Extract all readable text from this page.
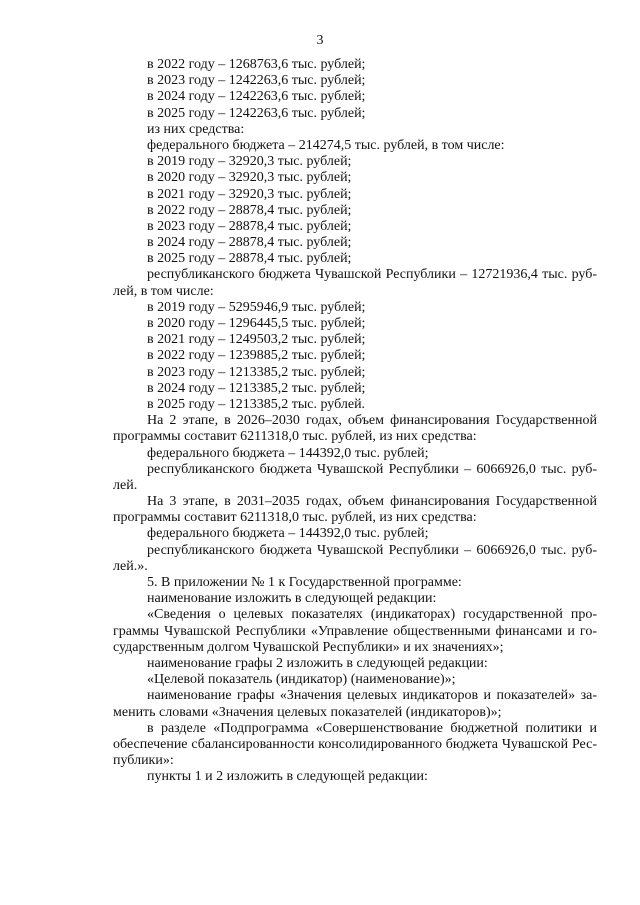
3
в 2022 году – 1268763,6 тыс. рублей;
в 2023 году – 1242263,6 тыс. рублей;
в 2024 году – 1242263,6 тыс. рублей;
в 2025 году – 1242263,6 тыс. рублей;
из них средства:
федерального бюджета – 214274,5 тыс. рублей, в том числе:
в 2019 году – 32920,3 тыс. рублей;
в 2020 году – 32920,3 тыс. рублей;
в 2021 году – 32920,3 тыс. рублей;
в 2022 году – 28878,4 тыс. рублей;
в 2023 году – 28878,4 тыс. рублей;
в 2024 году – 28878,4 тыс. рублей;
в 2025 году – 28878,4 тыс. рублей;
республиканского бюджета Чувашской Республики – 12721936,4 тыс. руб-
лей, в том числе:
в 2019 году – 5295946,9 тыс. рублей;
в 2020 году – 1296445,5 тыс. рублей;
в 2021 году – 1249503,2 тыс. рублей;
в 2022 году – 1239885,2 тыс. рублей;
в 2023 году – 1213385,2 тыс. рублей;
в 2024 году – 1213385,2 тыс. рублей;
в 2025 году – 1213385,2 тыс. рублей.
На 2 этапе, в 2026–2030 годах, объем финансирования Государственной
программы составит 6211318,0 тыс. рублей, из них средства:
федерального бюджета – 144392,0 тыс. рублей;
республиканского бюджета Чувашской Республики – 6066926,0 тыс. руб-
лей.
На 3 этапе, в 2031–2035 годах, объем финансирования Государственной
программы составит 6211318,0 тыс. рублей, из них средства:
федерального бюджета – 144392,0 тыс. рублей;
республиканского бюджета Чувашской Республики – 6066926,0 тыс. руб-
лей.».
5. В приложении № 1 к Государственной программе:
наименование изложить в следующей редакции:
«Сведения о целевых показателях (индикаторах) государственной про-
граммы Чувашской Республики «Управление общественными финансами и го-
сударственным долгом Чувашской Республики» и их значениях»;
наименование графы 2 изложить в следующей редакции:
«Целевой показатель (индикатор) (наименование)»;
наименование графы «Значения целевых индикаторов и показателей» за-
менить словами «Значения целевых показателей (индикаторов)»;
в разделе «Подпрограмма «Совершенствование бюджетной политики и
обеспечение сбалансированности консолидированного бюджета Чувашской Рес-
публики»:
пункты 1 и 2 изложить в следующей редакции:
